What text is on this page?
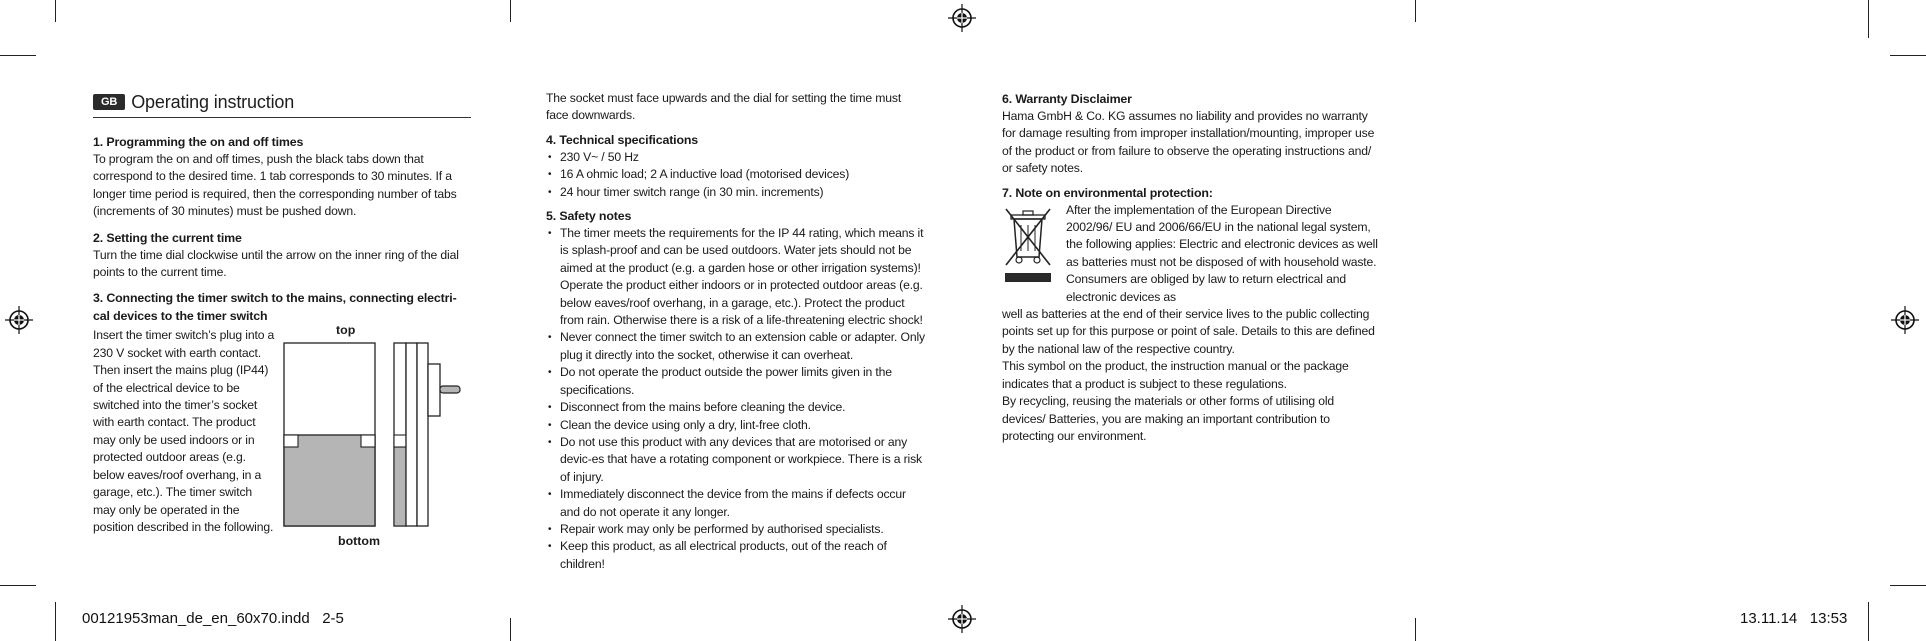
GB Operating instruction
1. Programming the on and off times

To program the on and off times, push the black tabs down that correspond to the desired time. 1 tab corresponds to 30 minutes. If a longer time period is required, then the corresponding number of tabs (increments of 30 minutes) must be pushed down.

2. Setting the current time

Turn the time dial clockwise until the arrow on the inner ring of the dial points to the current time.

3. Connecting the timer switch to the mains, connecting electri-cal devices to the timer switch

Insert the timer switch’s plug into a 230 V socket with earth contact. Then insert the mains plug (IP44) of the electrical device to be switched into the timer’s socket with earth contact. The product may only be used indoors or in protected outdoor areas (e.g. below eaves/roof overhang, in a garage, etc.). The timer switch may only be operated in the position described in the following.

top
bottom

The socket must face upwards and the dial for setting the time must face downwards.

4. Technical specifications
• 230 V~ / 50 Hz
• 16 A ohmic load; 2 A inductive load (motorised devices)
• 24 hour timer switch range (in 30 min. increments)
5. Safety notes
• The timer meets the requirements for the IP 44 rating, which means it is splash-proof and can be used outdoors. Water jets should not be aimed at the product (e.g. a garden hose or other irrigation systems)! Operate the product either indoors or in protected outdoor areas (e.g. below eaves/roof overhang, in a garage, etc.). Protect the product from rain. Otherwise there is a risk of a life-threatening electric shock!
• Never connect the timer switch to an extension cable or adapter. Only plug it directly into the socket, otherwise it can overheat.
• Do not operate the product outside the power limits given in the specifications.
• Disconnect from the mains before cleaning the device.
• Clean the device using only a dry, lint-free cloth.
• Do not use this product with any devices that are motorised or any devic-es that have a rotating component or workpiece. There is a risk of injury.
• Immediately disconnect the device from the mains if defects occur and do not operate it any longer.
• Repair work may only be performed by authorised specialists.
• Keep this product, as all electrical products, out of the reach of children!
6. Warranty Disclaimer

Hama GmbH & Co. KG assumes no liability and provides no warranty for damage resulting from improper installation/mounting, improper use of the product or from failure to observe the operating instructions and/ or safety notes.

7. Note on environmental protection:

After the implementation of the European Directive 2002/96/ EU and 2006/66/EU in the national legal system, the following applies: Electric and electronic devices as well as batteries must not be disposed of with household waste. Consumers are obliged by law to return electrical and electronic devices as

well as batteries at the end of their service lives to the public collecting points set up for this purpose or point of sale. Details to this are defined by the national law of the respective country.

This symbol on the product, the instruction manual or the package indicates that a product is subject to these regulations.

By recycling, reusing the materials or other forms of utilising old devices/ Batteries, you are making an important contribution to protecting our environment.

00121953man_de_en_60x70.indd   2-5	13.11.14   13:53
